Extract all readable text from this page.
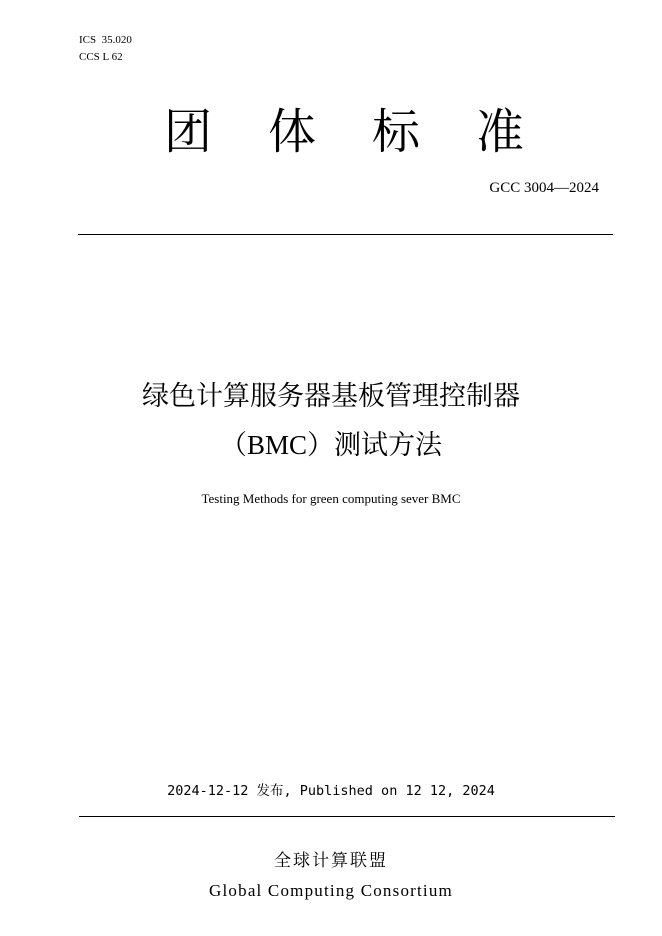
ICS  35.020
CCS L 62
团 体 标 准
GCC 3004—2024
绿色计算服务器基板管理控制器
（BMC）测试方法
Testing Methods for green computing sever BMC
2024-12-12 发布, Published on 12 12, 2024
全球计算联盟
Global Computing Consortium
